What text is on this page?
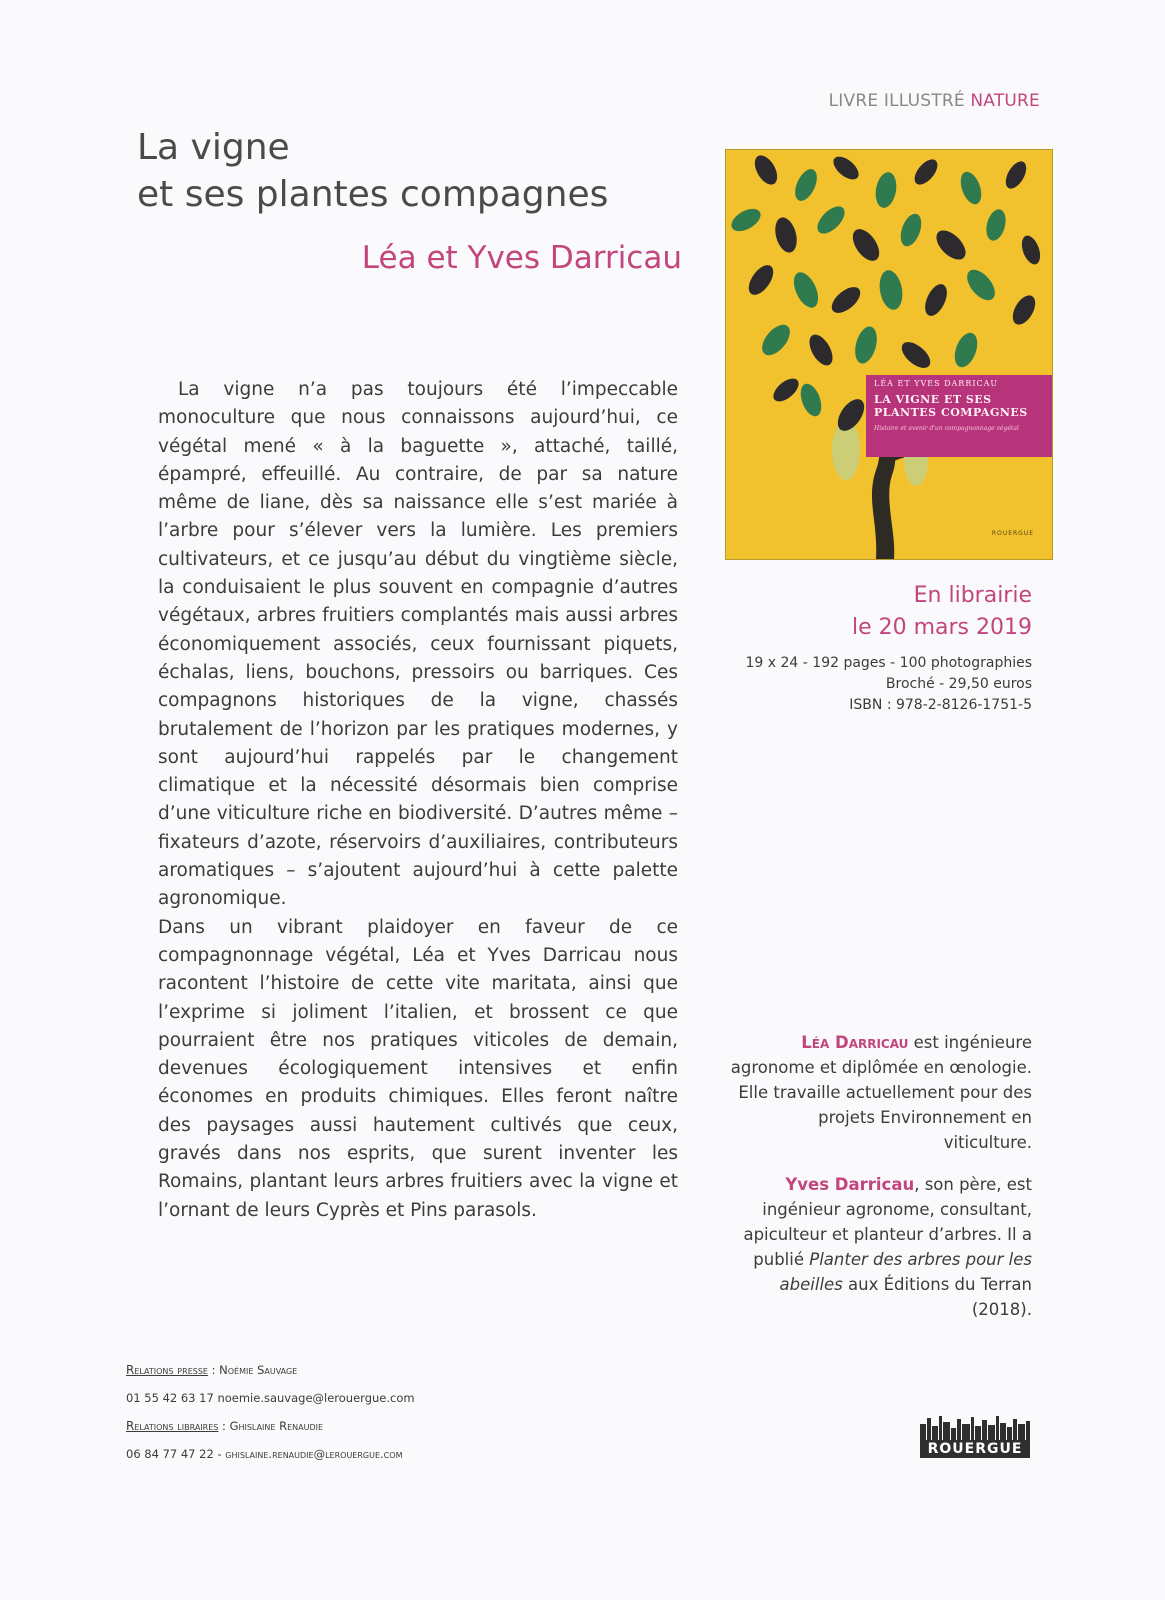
LIVRE ILLUSTRÉ NATURE
La vigne
et ses plantes compagnes
Léa et Yves Darricau

La vigne n’a pas toujours été l’impeccable monoculture que nous connaissons aujourd’hui, ce végétal mené « à la baguette », attaché, taillé, épampré, effeuillé. Au contraire, de par sa nature même de liane, dès sa naissance elle s’est mariée à l’arbre pour s’élever vers la lumière. Les premiers cultivateurs, et ce jusqu’au début du vingtième siècle, la conduisaient le plus souvent en compagnie d’autres végétaux, arbres fruitiers complantés mais aussi arbres économiquement associés, ceux fournissant piquets, échalas, liens, bouchons, pressoirs ou barriques. Ces compagnons historiques de la vigne, chassés brutalement de l’horizon par les pratiques modernes, y sont aujourd’hui rappelés par le changement climatique et la nécessité désormais bien comprise d’une viticulture riche en biodiversité. D’autres même – fixateurs d’azote, réservoirs d’auxiliaires, contributeurs aromatiques – s’ajoutent aujourd’hui à cette palette agronomique.

Dans un vibrant plaidoyer en faveur de ce compagnonnage végétal, Léa et Yves Darricau nous racontent l’histoire de cette vite maritata, ainsi que l’exprime si joliment l’italien, et brossent ce que pourraient être nos pratiques viticoles de demain, devenues écologiquement intensives et enfin économes en produits chimiques. Elles feront naître des paysages aussi hautement cultivés que ceux, gravés dans nos esprits, que surent inventer les Romains, plantant leurs arbres fruitiers avec la vigne et l’ornant de leurs Cyprès et Pins parasols.

LÉA ET YVES DARRICAU
LA VIGNE ET SES
PLANTES COMPAGNES
Histoire et avenir d'un compagnonnage végétal
ROUERGUE
En librairie
le 20 mars 2019
19 x 24 - 192 pages - 100 photographies
Broché - 29,50 euros
ISBN : 978-2-8126-1751-5
Léa Darricau est ingénieure agronome et diplômée en œnologie. Elle travaille actuellement pour des projets Environnement en viticulture.
Yves Darricau, son père, est ingénieur agronome, consultant, apiculteur et planteur d’arbres. Il a publié Planter des arbres pour les abeilles aux Éditions du Terran (2018).
Relations presse : Noémie Sauvage
01 55 42 63 17 noemie.sauvage@lerouergue.com
Relations libraires : Ghislaine Renaudie
06 84 77 47 22 - ghislaine.renaudie@lerouergue.com	ROUERGUE
